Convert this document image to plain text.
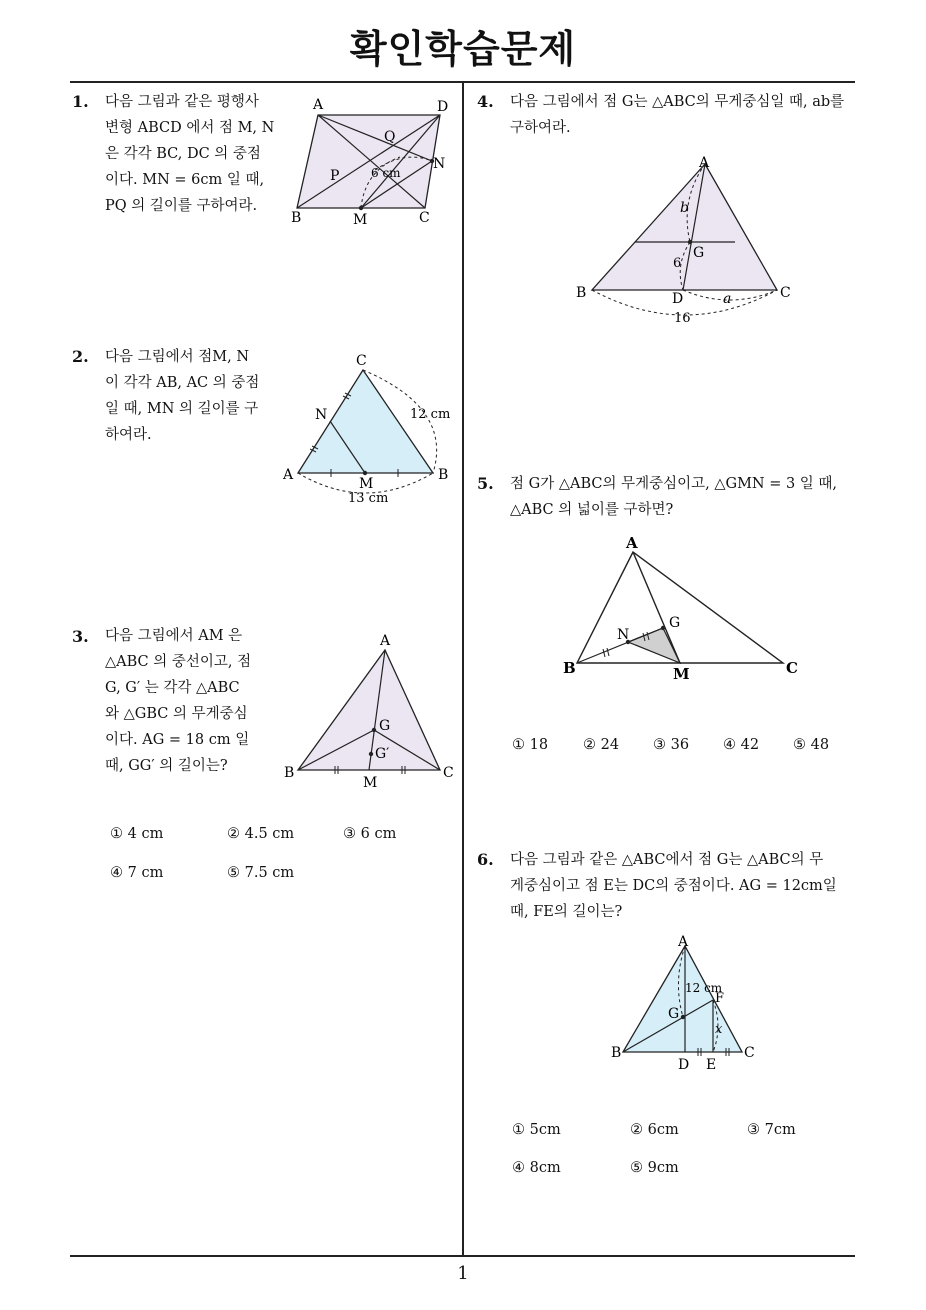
확인학습문제
1. 다음 그림과 같은 평행사
변형 ABCD 에서 점 M, N
은 각각 BC, DC 의 중점
이다. MN = 6cm 일 때,
PQ 의 길이를 구하여라.
A	D
Q
N
6 cm
P
B	M	C
2. 다음 그림에서 점M, N
이 각각 AB, AC 의 중점
일 때, MN 의 길이를 구
하여라.
C
N	12 cm
A
M
B
13 cm
3. 다음 그림에서 AM 은
△ABC 의 중선이고, 점
G, G′ 는 각각 △ABC
와 △GBC 의 무게중심
이다. AG = 18 cm 일
때, GG′ 의 길이는?
A
G
G′
B
M
C
① 4 cm	② 4.5 cm	③ 6 cm
④ 7 cm	⑤ 7.5 cm
4. 다음 그림에서 점 G는 △ABC의 무게중심일 때, ab를
구하여라.
A
b
G
6
B	D	a	C
16
5. 점 G가 △ABC의 무게중심이고, △GMN = 3 일 때,
△ABC 의 넓이를 구하면?
A
N
G
B	M	C
① 18 ② 24 ③ 36 ④ 42 ⑤ 48
6. 다음 그림과 같은 △ABC에서 점 G는 △ABC의 무
게중심이고 점 E는 DC의 중점이다. AG = 12cm일
때, FE의 길이는?
A
12 cm
F
G
x
B
D E
C
① 5cm	② 6cm	③ 7cm
④ 8cm	⑤ 9cm
1
